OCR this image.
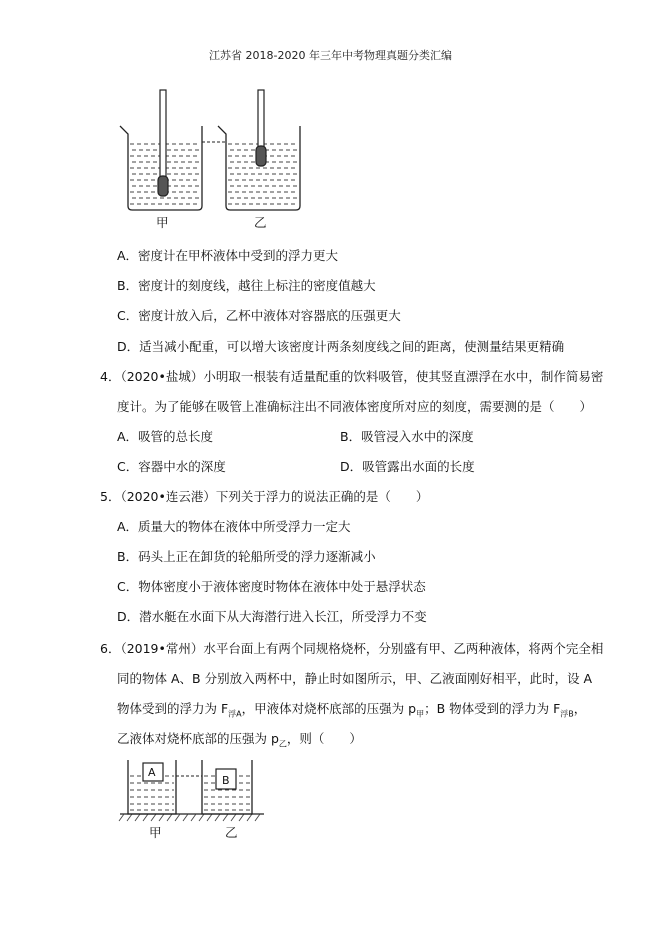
江苏省 2018-2020 年三年中考物理真题分类汇编
甲	乙
A．密度计在甲杯液体中受到的浮力更大
B．密度计的刻度线，越往上标注的密度值越大
C．密度计放入后，乙杯中液体对容器底的压强更大
D．适当减小配重，可以增大该密度计两条刻度线之间的距离，使测量结果更精确
4．（2020•盐城）小明取一根装有适量配重的饮料吸管，使其竖直漂浮在水中，制作简易密
度计。为了能够在吸管上准确标注出不同液体密度所对应的刻度，需要测的是（　　）
A．吸管的总长度	B．吸管浸入水中的深度
C．容器中水的深度	D．吸管露出水面的长度
5．（2020•连云港）下列关于浮力的说法正确的是（　　）
A．质量大的物体在液体中所受浮力一定大
B．码头上正在卸货的轮船所受的浮力逐渐减小
C．物体密度小于液体密度时物体在液体中处于悬浮状态
D．潜水艇在水面下从大海潜行进入长江，所受浮力不变
6．（2019•常州）水平台面上有两个同规格烧杯，分别盛有甲、乙两种液体，将两个完全相
同的物体 A、B 分别放入两杯中，静止时如图所示，甲、乙液面刚好相平，此时，设 A
物体受到的浮力为 $F_{浮A}$，甲液体对烧杯底部的压强为 $p_甲$；B 物体受到的浮力为 $F_{浮B}$，
乙液体对烧杯底部的压强为 $p_乙$，则（　　）
A
B
甲	乙
